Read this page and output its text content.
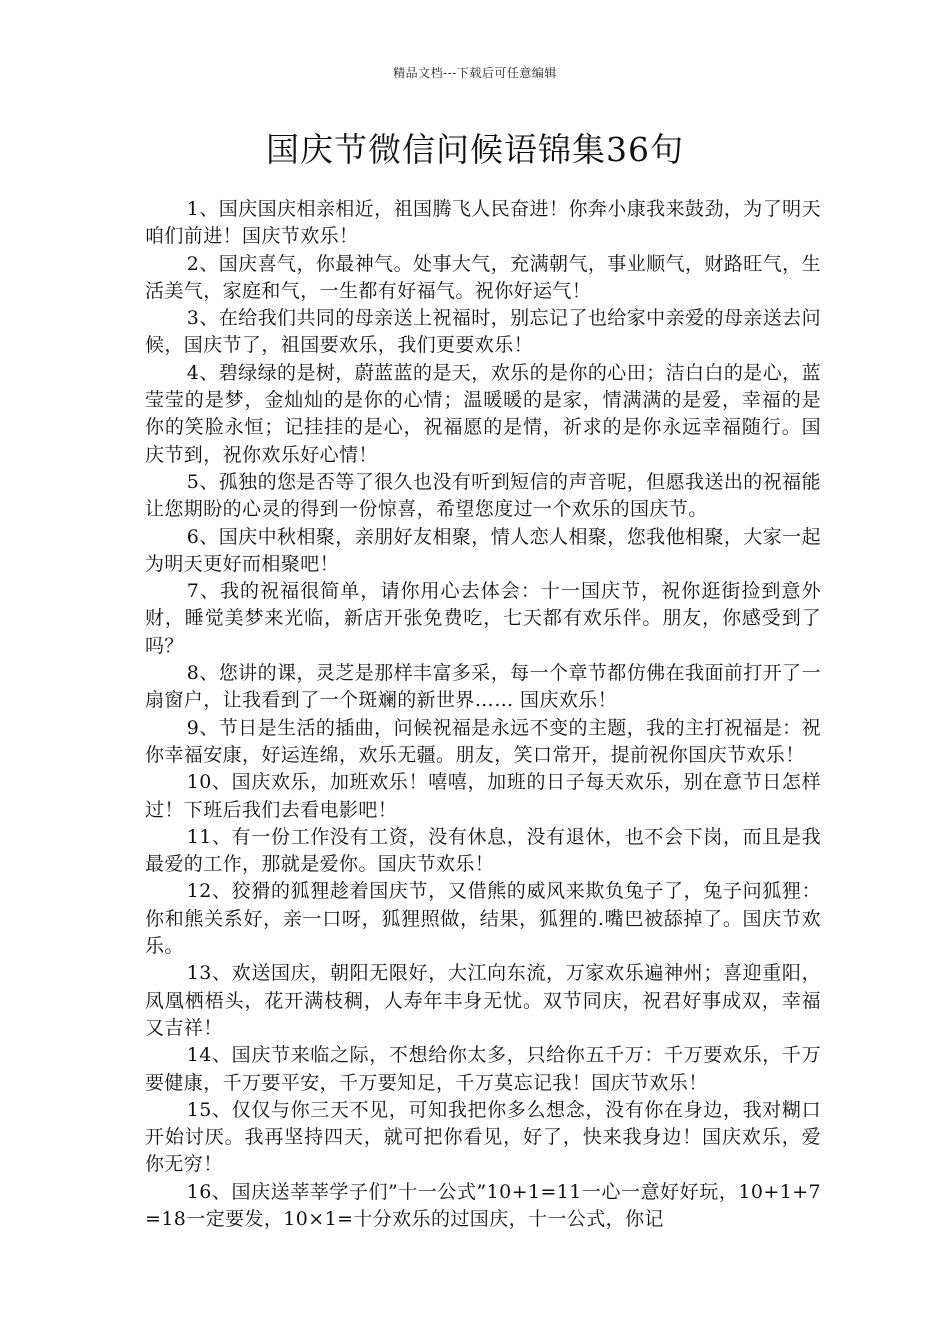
精品文档---下载后可任意编辑
国庆节微信问候语锦集36句

1、国庆国庆相亲相近，祖国腾飞人民奋进！你奔小康我来鼓劲，为了明天咱们前进！国庆节欢乐！

2、国庆喜气，你最神气。处事大气，充满朝气，事业顺气，财路旺气，生活美气，家庭和气，一生都有好福气。祝你好运气！

3、在给我们共同的母亲送上祝福时，别忘记了也给家中亲爱的母亲送去问候，国庆节了，祖国要欢乐，我们更要欢乐！

4、碧绿绿的是树，蔚蓝蓝的是天，欢乐的是你的心田；洁白白的是心，蓝莹莹的是梦，金灿灿的是你的心情；温暖暖的是家，情满满的是爱，幸福的是你的笑脸永恒；记挂挂的是心，祝福愿的是情，祈求的是你永远幸福随行。国庆节到，祝你欢乐好心情！

5、孤独的您是否等了很久也没有听到短信的声音呢，但愿我送出的祝福能让您期盼的心灵的得到一份惊喜，希望您度过一个欢乐的国庆节。

6、国庆中秋相聚，亲朋好友相聚，情人恋人相聚，您我他相聚，大家一起为明天更好而相聚吧！

7、我的祝福很简单，请你用心去体会：十一国庆节，祝你逛街捡到意外财，睡觉美梦来光临，新店开张免费吃，七天都有欢乐伴。朋友，你感受到了吗？

8、您讲的课，灵芝是那样丰富多采，每一个章节都仿佛在我面前打开了一扇窗户，让我看到了一个斑斓的新世界…… 国庆欢乐！

9、节日是生活的插曲，问候祝福是永远不变的主题，我的主打祝福是：祝你幸福安康，好运连绵，欢乐无疆。朋友，笑口常开，提前祝你国庆节欢乐！

10、国庆欢乐，加班欢乐！嘻嘻，加班的日子每天欢乐，别在意节日怎样过！下班后我们去看电影吧！

11、有一份工作没有工资，没有休息，没有退休，也不会下岗，而且是我最爱的工作，那就是爱你。国庆节欢乐！

12、狡猾的狐狸趁着国庆节，又借熊的威风来欺负兔子了，兔子问狐狸：你和熊关系好，亲一口呀，狐狸照做，结果，狐狸的.嘴巴被舔掉了。国庆节欢乐。

13、欢送国庆，朝阳无限好，大江向东流，万家欢乐遍神州；喜迎重阳，凤凰栖梧头，花开满枝稠，人寿年丰身无忧。双节同庆，祝君好事成双，幸福又吉祥！

14、国庆节来临之际，不想给你太多，只给你五千万：千万要欢乐，千万要健康，千万要平安，千万要知足，千万莫忘记我！国庆节欢乐！

15、仅仅与你三天不见，可知我把你多么想念，没有你在身边，我对糊口开始讨厌。我再坚持四天，就可把你看见，好了，快来我身边！国庆欢乐，爱你无穷！

16、国庆送莘莘学子们”十一公式”10+1=11一心一意好好玩，10+1+7=18一定要发，10×1=十分欢乐的过国庆，十一公式，你记
